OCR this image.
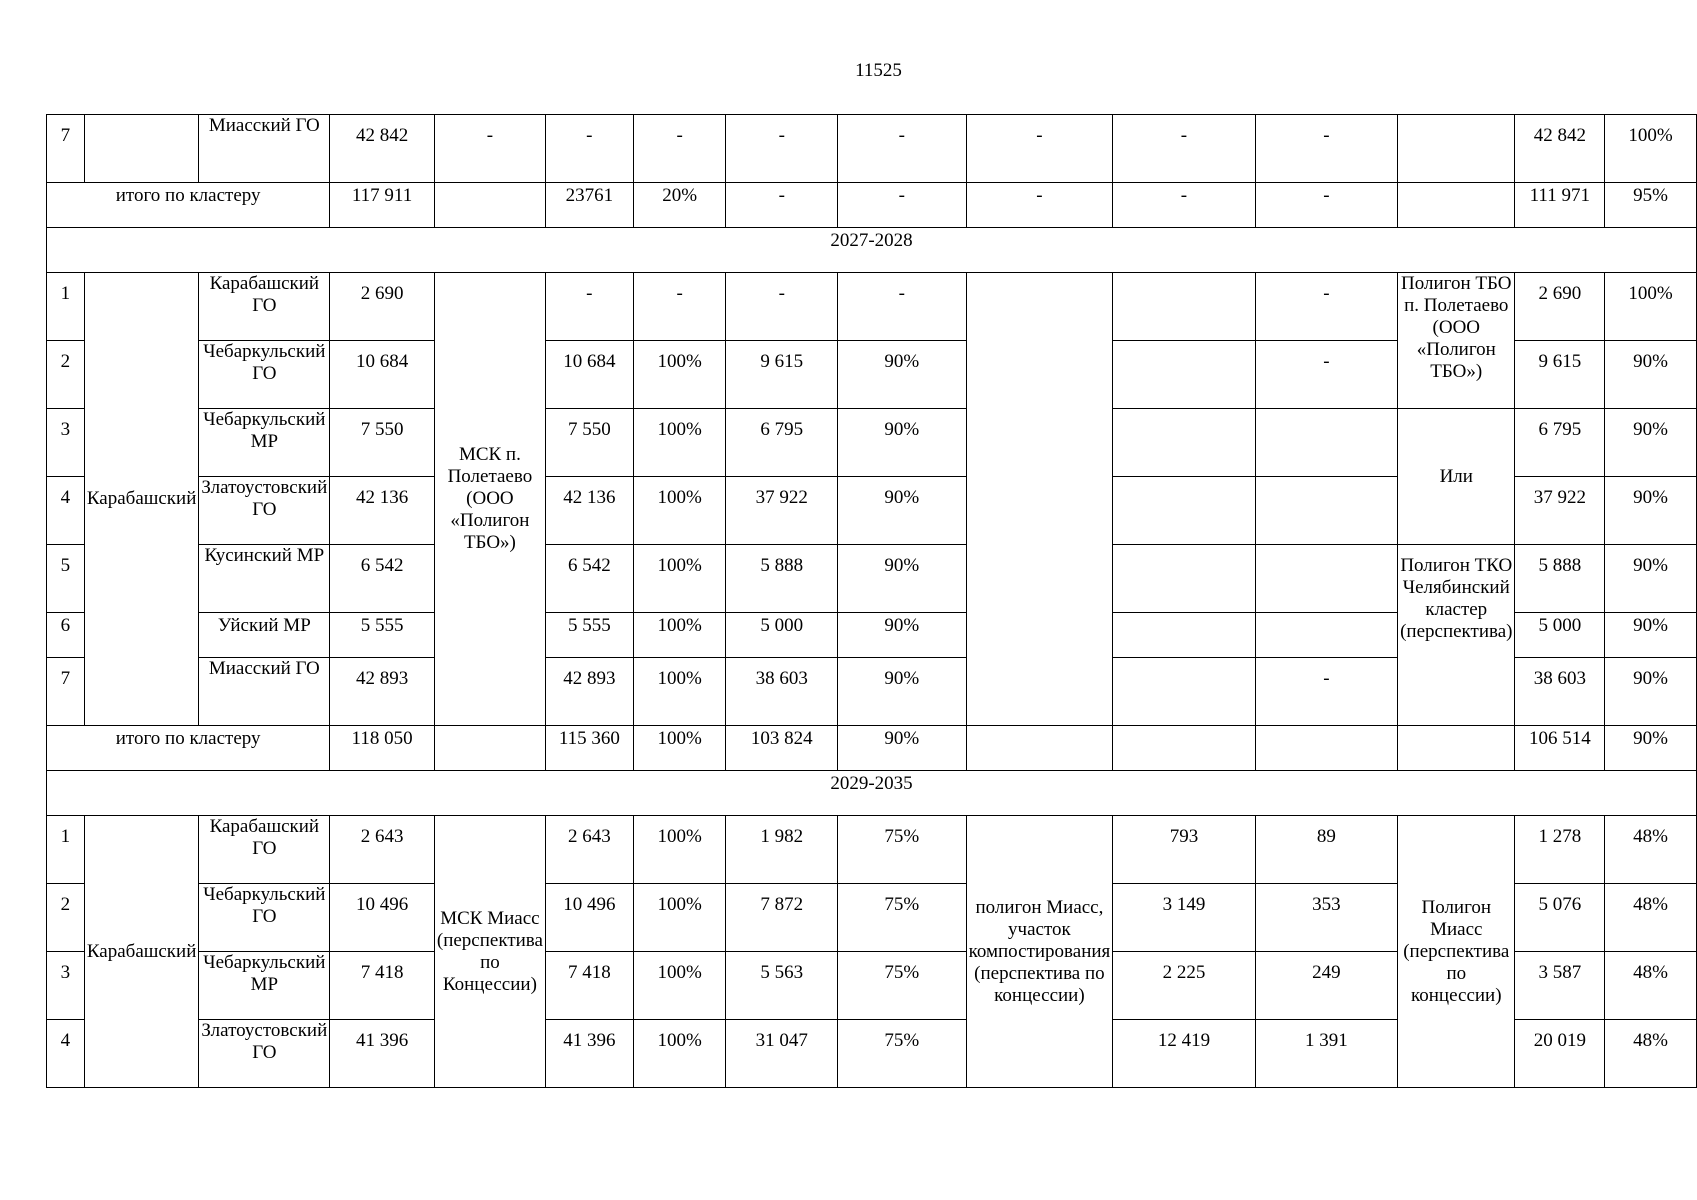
11525
7		Миасский ГО	42 842	-	-	-	-	-	-	-	-		42 842	100%
итого по кластеру			117 911		23761	20%	-	-	-	-	-		111 971	95%
2027-2028														
1	Карабашский	Карабашский ГО	2 690	МСК п. Полетаево (ООО «Полигон ТБО»)	-	-	-	-			-	Полигон ТБО п. Полетаево (ООО «Полигон ТБО»)	2 690	100%
2		Чебаркульский ГО	10 684		10 684	100%	9 615	90%			-		9 615	90%
3		Чебаркульский МР	7 550		7 550	100%	6 795	90%				Или	6 795	90%
4		Златоустовский ГО	42 136		42 136	100%	37 922	90%					37 922	90%
5		Кусинский МР	6 542		6 542	100%	5 888	90%				Полигон ТКО Челябинский кластер (перспектива)	5 888	90%
6		Уйский МР	5 555		5 555	100%	5 000	90%					5 000	90%
7		Миасский ГО	42 893		42 893	100%	38 603	90%			-		38 603	90%
итого по кластеру			118 050		115 360	100%	103 824	90%					106 514	90%
2029-2035														
1	Карабашский	Карабашский ГО	2 643	МСК Миасс (перспектива по Концессии)	2 643	100%	1 982	75%	полигон Миасс, участок компостирования (перспектива по концессии)	793	89	Полигон Миасс (перспектива по концессии)	1 278	48%
2		Чебаркульский ГО	10 496		10 496	100%	7 872	75%		3 149	353		5 076	48%
3		Чебаркульский МР	7 418		7 418	100%	5 563	75%		2 225	249		3 587	48%
4		Златоустовский ГО	41 396		41 396	100%	31 047	75%		12 419	1 391		20 019	48%
